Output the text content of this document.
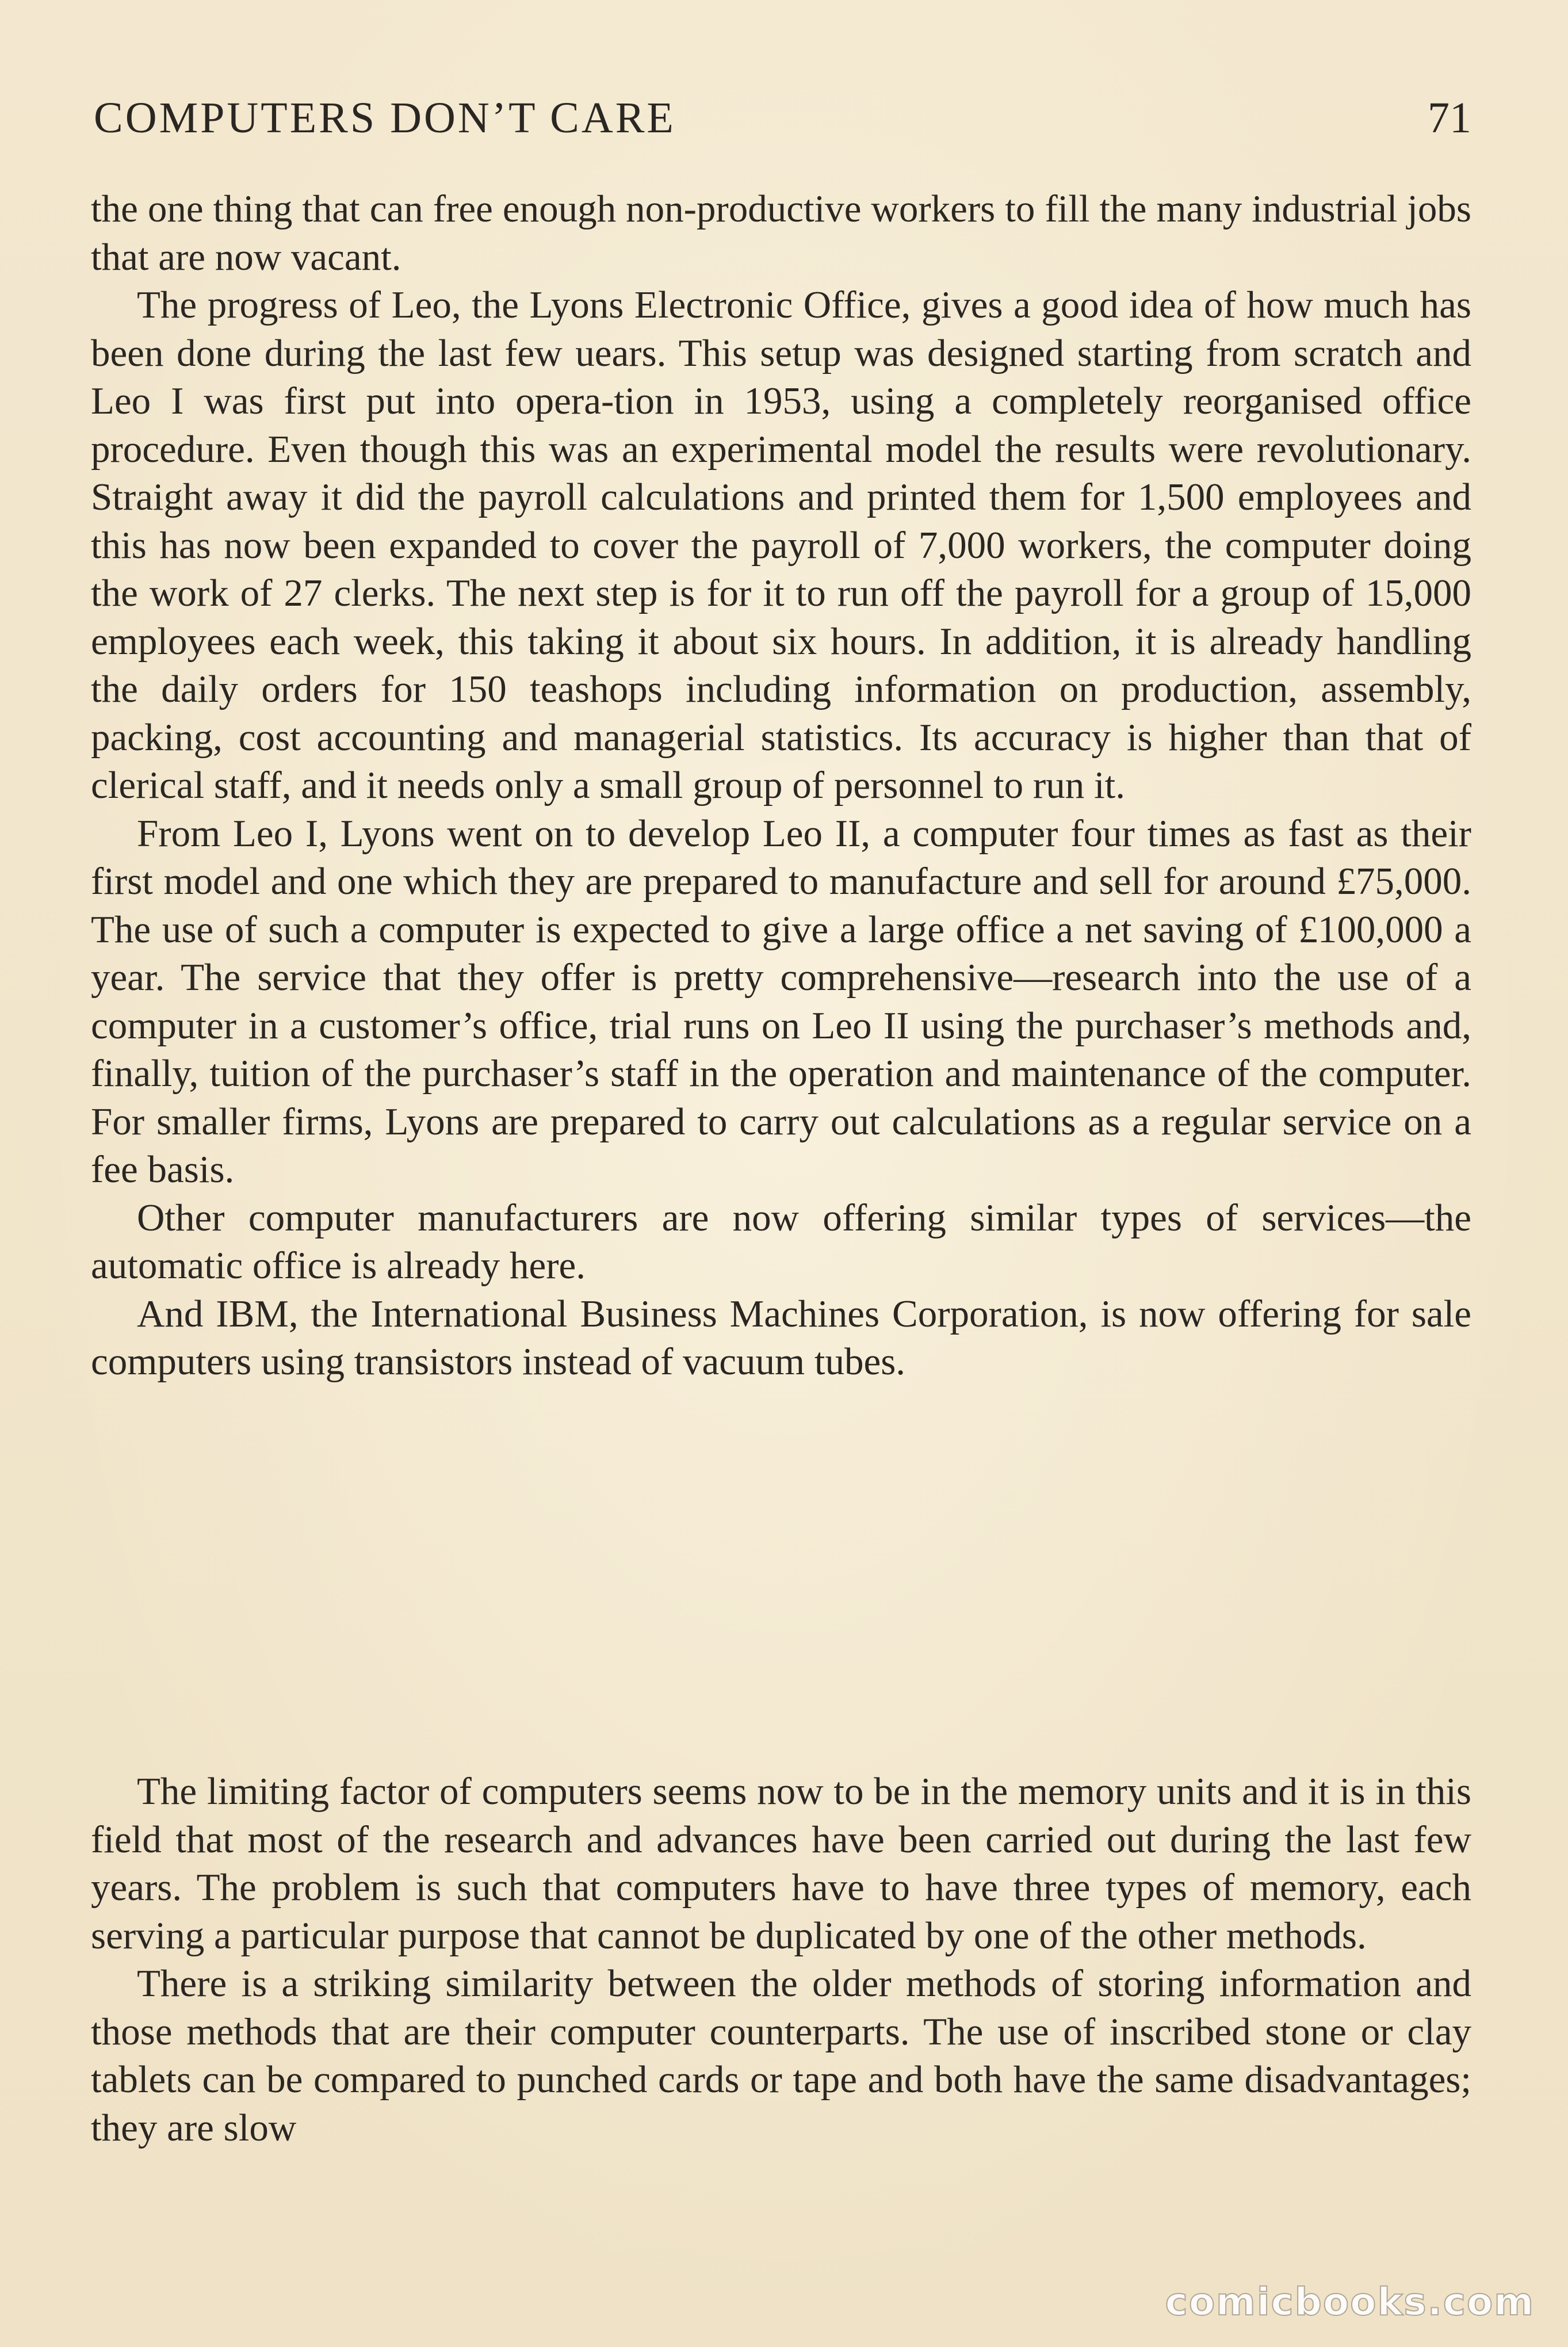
COMPUTERS DON’T CARE	71

the one thing that can free enough non-productive workers to fill the many industrial jobs that are now vacant.

The progress of Leo, the Lyons Electronic Office, gives a good idea of how much has been done during the last few uears. This setup was designed starting from scratch and Leo I was first put into opera-tion in 1953, using a completely reorganised office procedure. Even though this was an experimental model the results were revolutionary. Straight away it did the payroll calculations and printed them for 1,500 employees and this has now been expanded to cover the payroll of 7,000 workers, the computer doing the work of 27 clerks. The next step is for it to run off the payroll for a group of 15,000 employees each week, this taking it about six hours. In addition, it is already handling the daily orders for 150 teashops including information on production, assembly, packing, cost accounting and managerial statistics. Its accuracy is higher than that of clerical staff, and it needs only a small group of personnel to run it.

From Leo I, Lyons went on to develop Leo II, a computer four times as fast as their first model and one which they are prepared to manufacture and sell for around £75,000. The use of such a computer is expected to give a large office a net saving of £100,000 a year. The service that they offer is pretty comprehensive—research into the use of a computer in a customer’s office, trial runs on Leo II using the purchaser’s methods and, finally, tuition of the purchaser’s staff in the operation and maintenance of the computer. For smaller firms, Lyons are prepared to carry out calculations as a regular service on a fee basis.

Other computer manufacturers are now offering similar types of services—the automatic office is already here.

And IBM, the International Business Machines Corporation, is now offering for sale computers using transistors instead of vacuum tubes.

The limiting factor of computers seems now to be in the memory units and it is in this field that most of the research and advances have been carried out during the last few years. The problem is such that computers have to have three types of memory, each serving a particular purpose that cannot be duplicated by one of the other methods.

There is a striking similarity between the older methods of storing information and those methods that are their computer counterparts. The use of inscribed stone or clay tablets can be compared to punched cards or tape and both have the same disadvantages; they are slow

comicbooks.com
